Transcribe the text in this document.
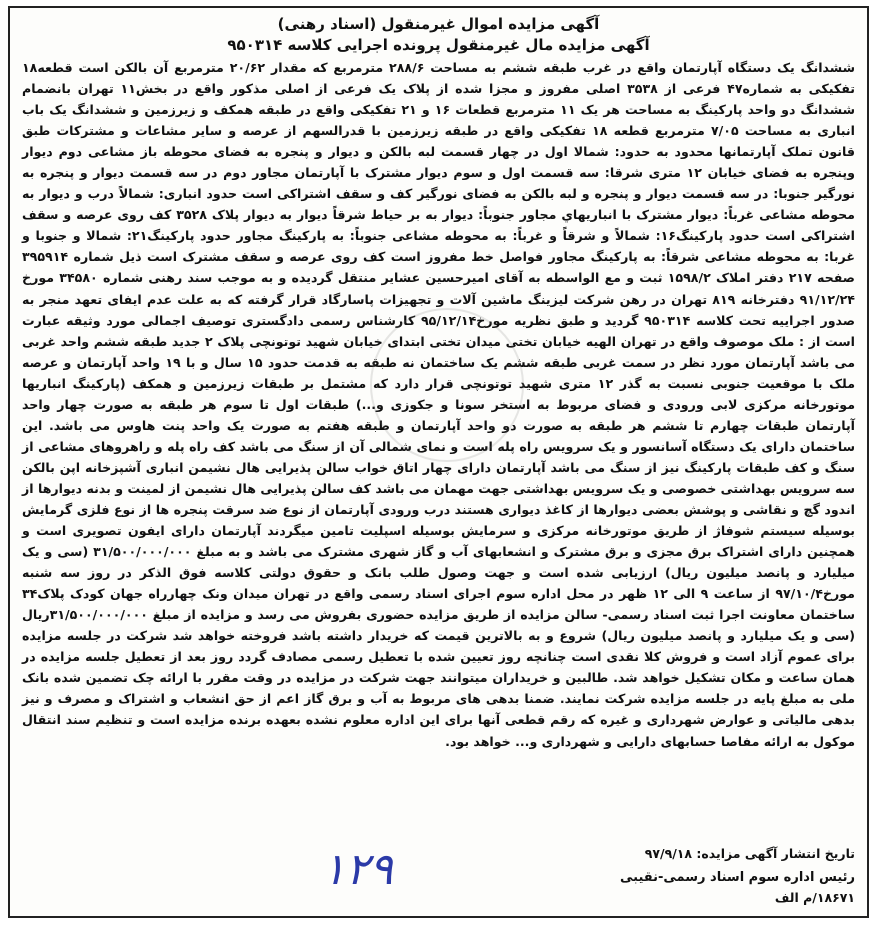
آگهی مزایده اموال غیرمنقول (اسناد رهنی)
آگهی مزایده مال غیرمنقول پرونده اجرایی کلاسه ۹۵۰۳۱۴

ششدانگ یک دستگاه آپارتمان واقع در غرب طبقه ششم به مساحت ۲۸۸/۶ مترمربع که مقدار ۲۰/۶۲ مترمربع آن بالکن است قطعه۱۸ تفکیکی به شماره۴۷ فرعی از ۳۵۳۸ اصلی مفروز و مجزا شده از پلاک یک فرعی از اصلی مذکور واقع در بخش۱۱ تهران بانضمام ششدانگ دو واحد پارکینگ به مساحت هر یک ۱۱ مترمربع قطعات ۱۶ و ۲۱ تفکیکی واقع در طبقه همکف و زیرزمین و ششدانگ یک باب انباری به مساحت ۷/۰۵ مترمربع قطعه ۱۸ تفکیکی واقع در طبقه زیرزمین با قدرالسهم از عرصه و سایر مشاعات و مشترکات طبق قانون تملک آپارتمانها محدود به حدود: شمالا اول در چهار قسمت لبه بالکن و دیوار و پنجره به فضای محوطه باز مشاعی دوم دیوار وپنجره به فضای خیابان ۱۲ متری شرقا: سه قسمت اول و سوم دیوار مشترک با آپارتمان مجاور دوم در سه قسمت دیوار و پنجره به نورگیر جنوبا: در سه قسمت دیوار و پنجره و لبه بالکن به فضای نورگیر کف و سقف اشتراکی است حدود انباری: شمالاً درب و دیوار به محوطه مشاعی غرباً: دیوار مشترک با انباریهاي مجاور جنوباً: دیوار به بر حیاط شرقاً دیوار به دیوار پلاک ۳۵۲۸ کف روی عرصه و سقف اشتراکی است حدود پارکینگ۱۶: شمالاً و شرقاً و غرباً: به محوطه مشاعی جنوباً: به پارکینگ مجاور حدود پارکینگ۲۱: شمالا و جنوبا و غربا: به محوطه مشاعی شرقاً: به پارکینگ مجاور فواصل خط مفروز است کف روی عرصه و سقف مشترک است ذیل شماره ۳۹۵۹۱۴ صفحه ۲۱۷ دفتر املاک ۱۵۹۸/۲ ثبت و مع الواسطه به آقای امیرحسین عشایر منتقل گردیده و به موجب سند رهنی شماره ۳۴۵۸۰ مورخ ۹۱/۱۲/۲۴ دفترخانه ۸۱۹ تهران در رهن شرکت لیزینگ ماشین آلات و تجهیزات پاسارگاد قرار گرفته که به علت عدم ایفای تعهد منجر به صدور اجراییه تحت کلاسه ۹۵۰۳۱۴ گردید و طبق نظریه مورخ۹۵/۱۲/۱۴ کارشناس رسمی دادگستری توصیف اجمالی مورد وثیقه عبارت است از : ملک موصوف واقع در تهران الهیه خیابان تختی میدان تختی ابتدای خیابان شهید توتونچی پلاک ۲ جدید طبقه ششم واحد غربی می باشد آپارتمان مورد نظر در سمت غربی طبقه ششم یک ساختمان نه طبقه به قدمت حدود ۱۵ سال و با ۱۹ واحد آپارتمان و عرصه ملک با موقعیت جنوبی نسبت به گذر ۱۲ متری شهید توتونچی قرار دارد که مشتمل بر طبقات زیرزمین و همکف (پارکینگ انباریها موتورخانه مرکزی لابی ورودی و فضای مربوط به استخر سونا و جکوزی و...) طبقات اول تا سوم هر طبقه به صورت چهار واحد آپارتمان طبقات چهارم تا ششم هر طبقه به صورت دو واحد آپارتمان و طبقه هفتم به صورت یک واحد پنت هاوس می باشد. این ساختمان دارای یک دستگاه آسانسور و یک سرویس راه پله است و نمای شمالی آن از سنگ می باشد کف راه پله و راهروهای مشاعی از سنگ و کف طبقات پارکینگ نیز از سنگ می باشد آپارتمان دارای چهار اتاق خواب سالن پذیرایی هال نشیمن انباری آشپزخانه اپن بالکن سه سرویس بهداشتی خصوصی و یک سرویس بهداشتی جهت مهمان می باشد کف سالن پذیرایی هال نشیمن از لمینت و بدنه دیوارها از اندود گچ و نقاشی و پوشش بعضی دیوارها از کاغذ دیواری هستند درب ورودی آپارتمان از نوع ضد سرقت پنجره ها از نوع فلزی گرمایش بوسیله سیستم شوفاژ از طریق موتورخانه مرکزی و سرمایش بوسیله اسپلیت تامین میگردند آپارتمان دارای ایفون تصویری است و همچنین دارای اشتراک برق مجزی و برق مشترک و انشعابهای آب و گاز شهری مشترک می باشد و به مبلغ ۳۱/۵۰۰/۰۰۰/۰۰۰ (سی و یک میلیارد و پانصد میلیون ریال) ارزیابی شده است و جهت وصول طلب بانک و حقوق دولتی کلاسه فوق الذکر در روز سه شنبه مورخ۹۷/۱۰/۴ از ساعت ۹ الی ۱۲ ظهر در محل اداره سوم اجرای اسناد رسمی واقع در تهران میدان ونک چهارراه جهان کودک پلاک۳۴ ساختمان معاونت اجرا ثبت اسناد رسمی- سالن مزایده از طریق مزایده حضوری بفروش می رسد و مزایده از مبلغ ۳۱/۵۰۰/۰۰۰/۰۰۰ریال (سی و یک میلیارد و پانصد میلیون ریال) شروع و به بالاترین قیمت که خریدار داشته باشد فروخته خواهد شد شرکت در جلسه مزایده برای عموم آزاد است و فروش کلا نقدی است چنانچه روز تعیین شده با تعطیل رسمی مصادف گردد روز بعد از تعطیل جلسه مزایده در همان ساعت و مکان تشکیل خواهد شد. طالبین و خریداران میتوانند جهت شرکت در مزایده در وقت مقرر با ارائه چک تضمین شده بانک ملی به مبلغ پایه در جلسه مزایده شرکت نمایند. ضمنا بدهی های مربوط به آب و برق گاز اعم از حق انشعاب و اشتراک و مصرف و نیز بدهی مالیاتی و عوارض شهرداری و غیره که رقم قطعی آنها برای این اداره معلوم نشده بعهده برنده مزایده است و تنظیم سند انتقال موکول به ارائه مفاصا حسابهای دارایی و شهرداری و... خواهد بود.

تاریخ انتشار آگهی مزایده: ۹۷/۹/۱۸
رئیس اداره سوم اسناد رسمی-نقیبی
۱۸۶۷۱/م الف
۱۲۹
